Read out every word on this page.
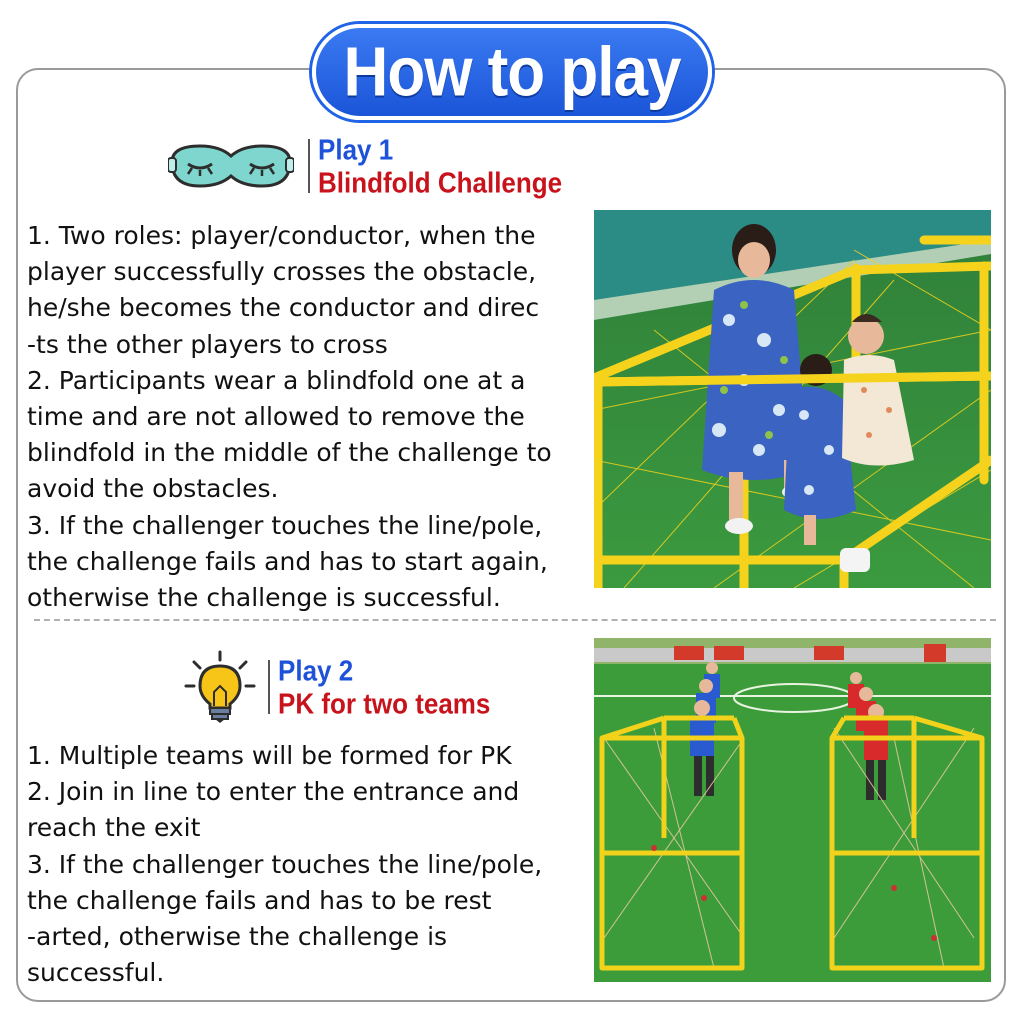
How to play
Play 1
Blindfold Challenge
1. Two roles: player/conductor, when the
player successfully crosses the obstacle,
he/she becomes the conductor and direc
-ts the other players to cross
2. Participants wear a blindfold one at a
time and are not allowed to remove the
blindfold in the middle of the challenge to
avoid the obstacles.
3. If the challenger touches the line/pole,
the challenge fails and has to start again,
otherwise the challenge is successful.
Play 2
PK for two teams
1. Multiple teams will be formed for PK
2. Join in line to enter the entrance and
reach the exit
3. If the challenger touches the line/pole,
the challenge fails and has to be rest
-arted, otherwise the challenge is
successful.
